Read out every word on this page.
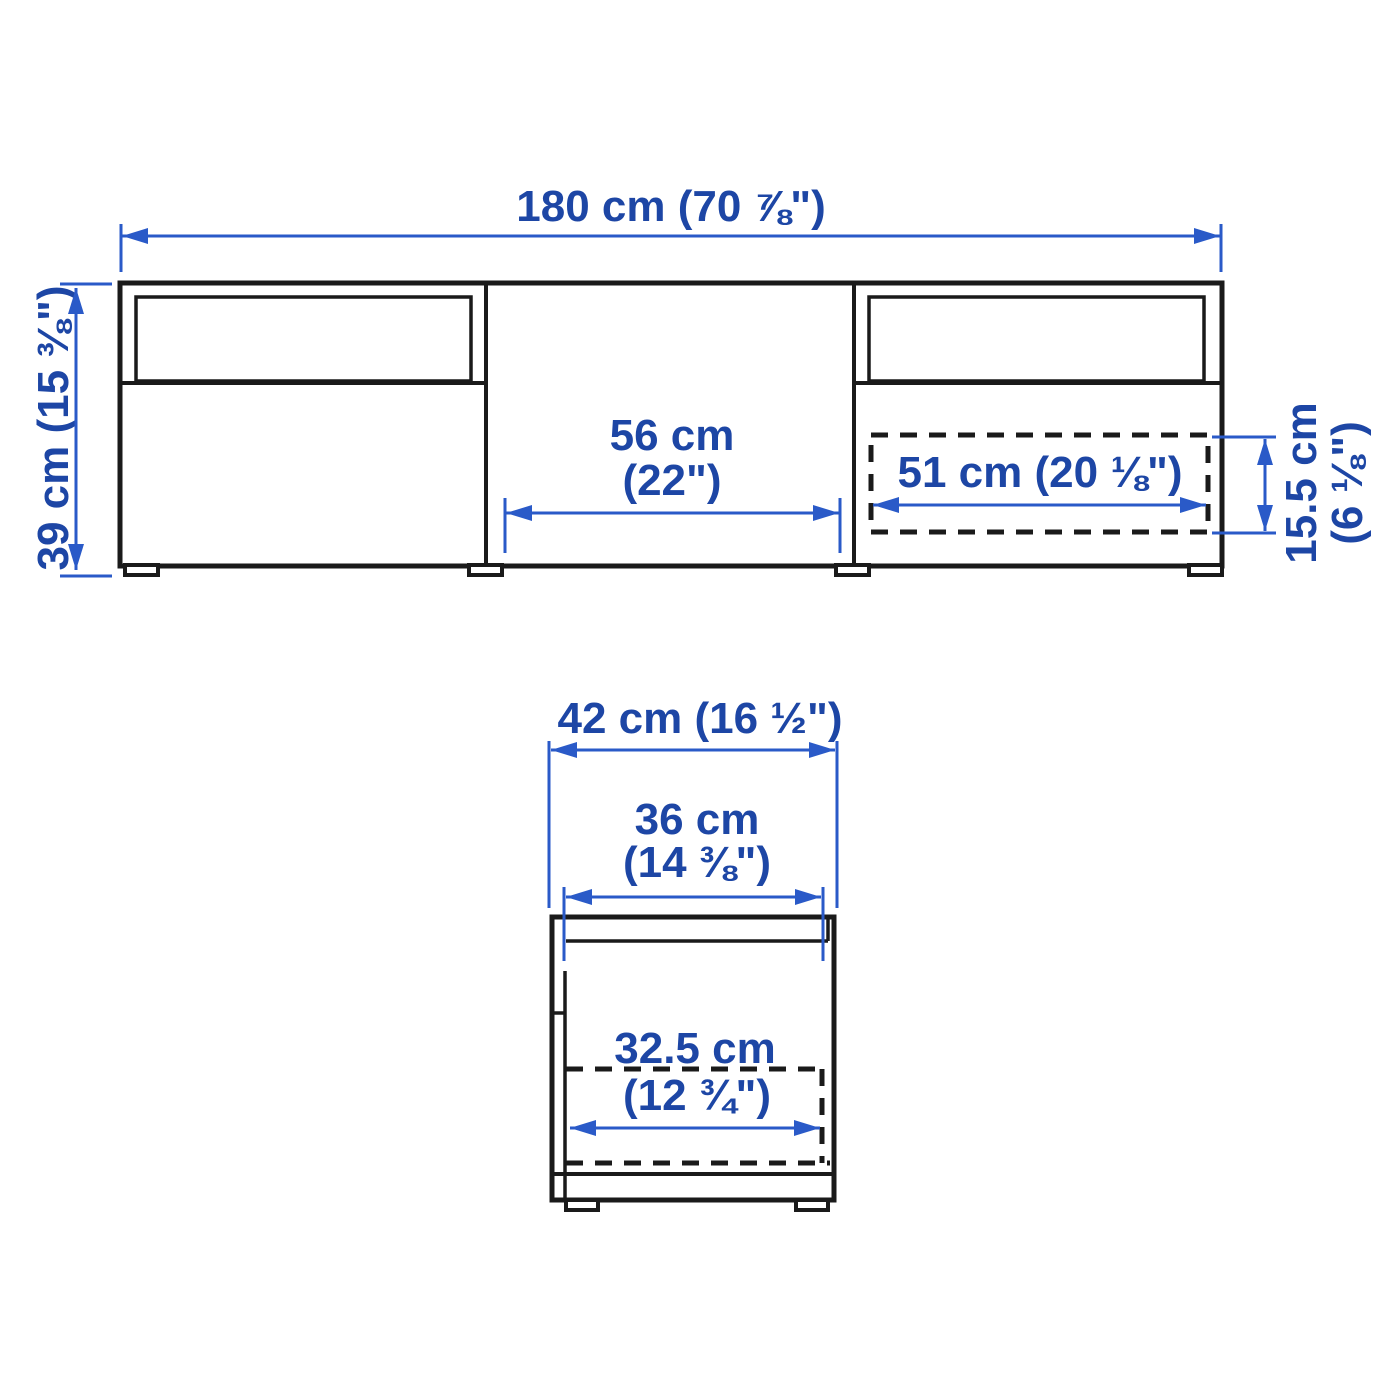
180 cm (70 ⅞")
39 cm (15 ⅜")	56 cm
(22")	51 cm (20 ⅛") 15.5 cm
(6 ⅛")
42 cm (16 ½")
36 cm
(14 ⅜")
32.5 cm
(12 ¾")
